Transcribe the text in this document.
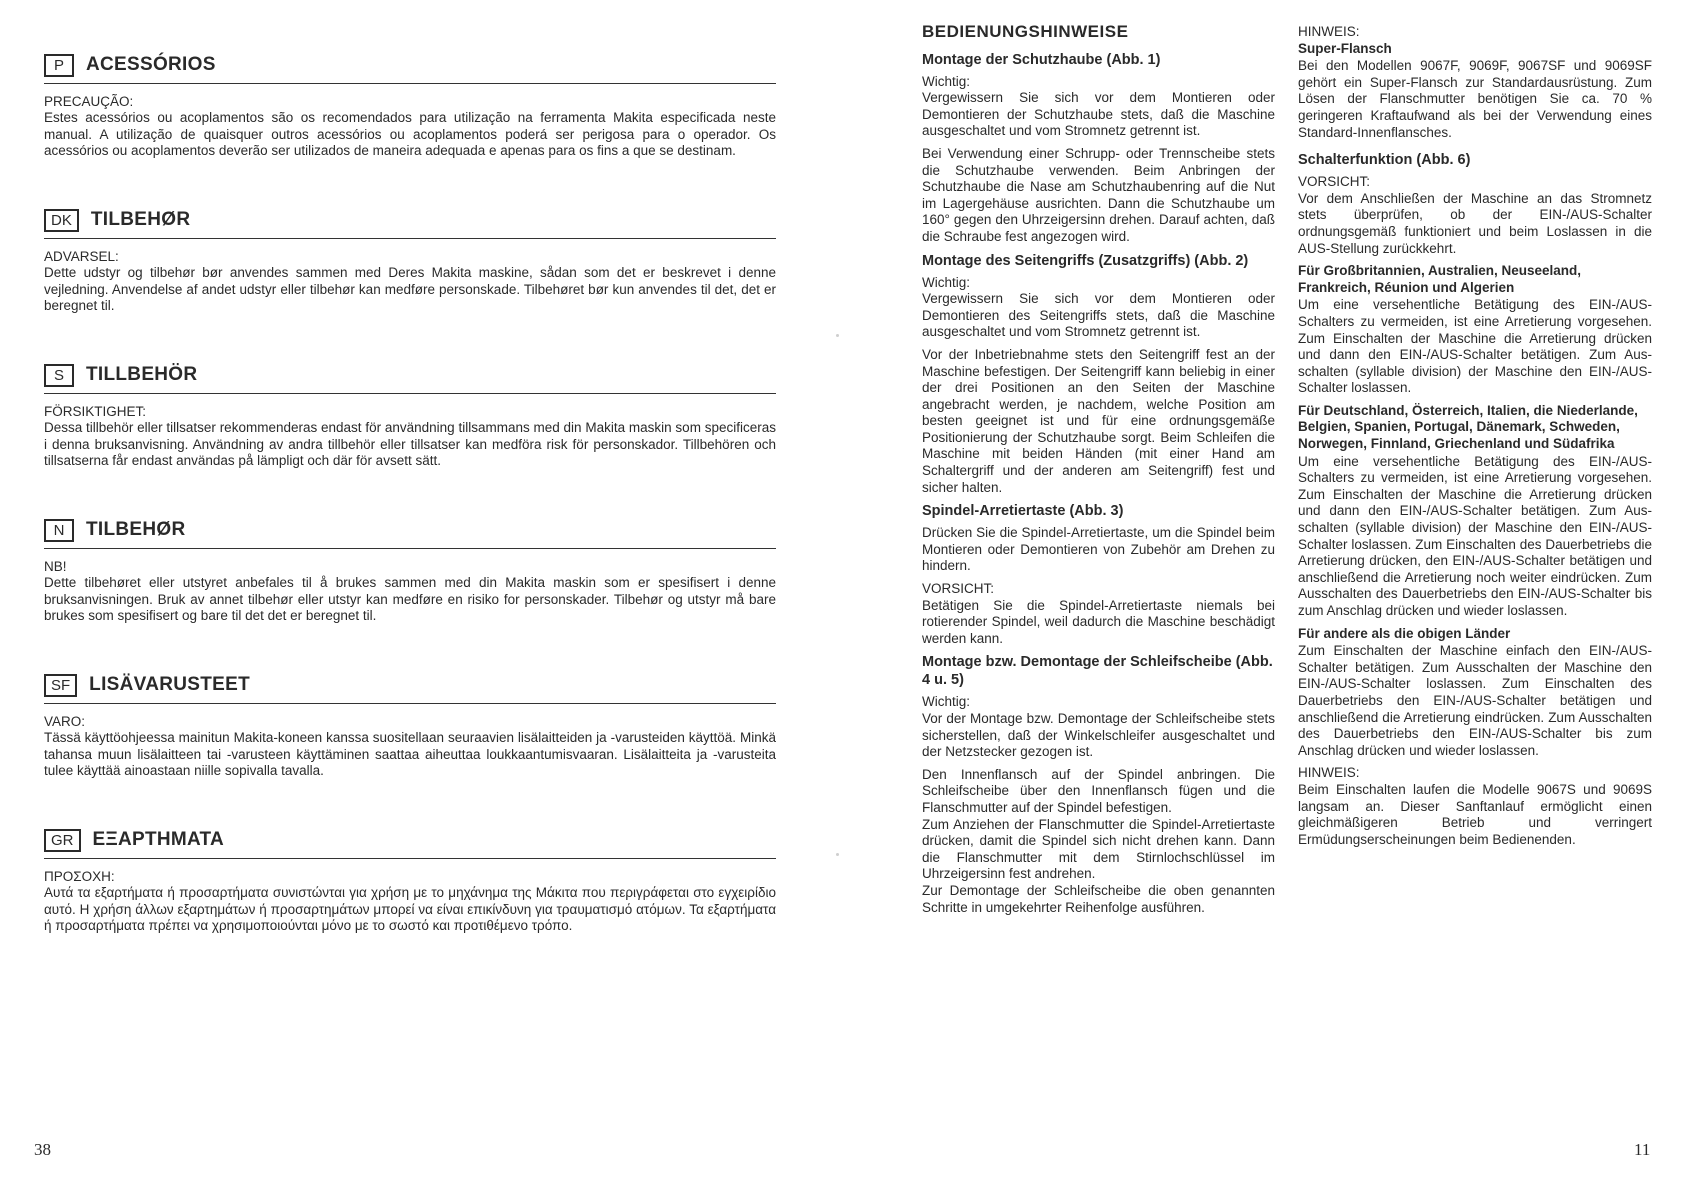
P	ACESSÓRIOS
PRECAUÇÃO:
Estes acessórios ou acoplamentos são os recomendados para utilização na ferramenta Makita especificada neste manual. A utilização de quaisquer outros acessórios ou acoplamentos poderá ser perigosa para o operador. Os acessórios ou acoplamentos deverão ser utilizados de maneira adequada e apenas para os fins a que se destinam.
DK	TILBEHØR
ADVARSEL:
Dette udstyr og tilbehør bør anvendes sammen med Deres Makita maskine, sådan som det er beskrevet i denne vejledning. Anvendelse af andet udstyr eller tilbehør kan medføre personskade. Tilbehøret bør kun anvendes til det, det er beregnet til.
S	TILLBEHÖR
FÖRSIKTIGHET:
Dessa tillbehör eller tillsatser rekommenderas endast för användning tillsammans med din Makita maskin som specificeras i denna bruksanvisning. Användning av andra tillbehör eller tillsatser kan medföra risk för personskador. Tillbehören och tillsatserna får endast användas på lämpligt och där för avsett sätt.
N	TILBEHØR
NB!
Dette tilbehøret eller utstyret anbefales til å brukes sammen med din Makita maskin som er spesifisert i denne bruksanvisningen. Bruk av annet tilbehør eller utstyr kan medføre en risiko for personskader. Tilbehør og utstyr må bare brukes som spesifisert og bare til det det er beregnet til.
SF	LISÄVARUSTEET
VARO:
Tässä käyttöohjeessa mainitun Makita-koneen kanssa suositellaan seuraavien lisälaitteiden ja -varusteiden käyttöä. Minkä tahansa muun lisälaitteen tai -varusteen käyttäminen saattaa aiheuttaa loukkaantumisvaaran. Lisälaitteita ja -varusteita tulee käyttää ainoastaan niille sopivalla tavalla.
GR	ΕΞΑΡΤΗΜΑΤΑ
ΠΡΟΣΟΧΗ:
Αυτά τα εξαρτήματα ή προσαρτήματα συνιστώνται για χρήση με το μηχάνημα της Μάκιτα που περιγράφεται στο εγχειρίδιο αυτό. Η χρήση άλλων εξαρτημάτων ή προσαρτημάτων μπορεί να είναι επικίνδυνη για τραυματισμό ατόμων. Τα εξαρτήματα ή προσαρτήματα πρέπει να χρησιμοποιούνται μόνο με το σωστό και προτιθέμενο τρόπο.
38
BEDIENUNGSHINWEISE
Montage der Schutzhaube (Abb. 1)
Wichtig:
Vergewissern Sie sich vor dem Montieren oder Demontieren der Schutzhaube stets, daß die Maschine ausgeschaltet und vom Stromnetz getrennt ist.
Bei Verwendung einer Schrupp- oder Trennscheibe stets die Schutzhaube verwenden. Beim Anbringen der Schutzhaube die Nase am Schutzhaubenring auf die Nut im Lagergehäuse ausrichten. Dann die Schutzhaube um 160° gegen den Uhrzeigersinn drehen. Darauf achten, daß die Schraube fest angezogen wird.
Montage des Seitengriffs (Zusatzgriffs) (Abb. 2)
Wichtig:
Vergewissern Sie sich vor dem Montieren oder Demontieren des Seitengriffs stets, daß die Maschine ausgeschaltet und vom Stromnetz getrennt ist.
Vor der Inbetriebnahme stets den Seitengriff fest an der Maschine befestigen. Der Seitengriff kann beliebig in einer der drei Positionen an den Seiten der Maschine angebracht werden, je nachdem, welche Position am besten geeignet ist und für eine ordnungsgemäße Positionierung der Schutzhaube sorgt. Beim Schleifen die Maschine mit beiden Händen (mit einer Hand am Schaltergriff und der anderen am Seitengriff) fest und sicher halten.
Spindel-Arretiertaste (Abb. 3)
Drücken Sie die Spindel-Arretiertaste, um die Spindel beim Montieren oder Demontieren von Zubehör am Drehen zu hindern.
VORSICHT:
Betätigen Sie die Spindel-Arretiertaste niemals bei rotierender Spindel, weil dadurch die Maschine beschädigt werden kann.
Montage bzw. Demontage der Schleifscheibe (Abb. 4 u. 5)
Wichtig:
Vor der Montage bzw. Demontage der Schleifscheibe stets sicherstellen, daß der Winkelschleifer ausgeschaltet und der Netzstecker gezogen ist.
Den Innenflansch auf der Spindel anbringen. Die Schleifscheibe über den Innenflansch fügen und die Flanschmutter auf der Spindel befestigen.
Zum Anziehen der Flanschmutter die Spindel-Arretiertaste drücken, damit die Spindel sich nicht drehen kann. Dann die Flanschmutter mit dem Stirnlochschlüssel im Uhrzeigersinn fest andrehen.
Zur Demontage der Schleifscheibe die oben genannten Schritte in umgekehrter Reihenfolge ausführen.
HINWEIS:
Super-Flansch
Bei den Modellen 9067F, 9069F, 9067SF und 9069SF gehört ein Super-Flansch zur Standardausrüstung. Zum Lösen der Flanschmutter benötigen Sie ca. 70 % geringeren Kraftaufwand als bei der Verwendung eines Standard-Innenflansches.
Schalterfunktion (Abb. 6)
VORSICHT:
Vor dem Anschließen der Maschine an das Stromnetz stets überprüfen, ob der EIN-/AUS-Schalter ordnungsgemäß funktioniert und beim Loslassen in die AUS-Stellung zurückkehrt.
Für Großbritannien, Australien, Neuseeland, Frankreich, Réunion und Algerien
Um eine versehentliche Betätigung des EIN-/AUS-Schalters zu vermeiden, ist eine Arretierung vorgesehen. Zum Einschalten der Maschine die Arretierung drücken und dann den EIN-/AUS-Schalter betätigen. Zum Aus-schalten (syllable division) der Maschine den EIN-/AUS-Schalter loslassen.
Für Deutschland, Österreich, Italien, die Niederlande, Belgien, Spanien, Portugal, Dänemark, Schweden, Norwegen, Finnland, Griechenland und Südafrika
Um eine versehentliche Betätigung des EIN-/AUS-Schalters zu vermeiden, ist eine Arretierung vorgesehen. Zum Einschalten der Maschine die Arretierung drücken und dann den EIN-/AUS-Schalter betätigen. Zum Aus-schalten (syllable division) der Maschine den EIN-/AUS-Schalter loslassen. Zum Einschalten des Dauerbetriebs die Arretierung drücken, den EIN-/AUS-Schalter betätigen und anschließend die Arretierung noch weiter eindrücken. Zum Ausschalten des Dauerbetriebs den EIN-/AUS-Schalter bis zum Anschlag drücken und wieder loslassen.
Für andere als die obigen Länder
Zum Einschalten der Maschine einfach den EIN-/AUS-Schalter betätigen. Zum Ausschalten der Maschine den EIN-/AUS-Schalter loslassen. Zum Einschalten des Dauerbetriebs den EIN-/AUS-Schalter betätigen und anschließend die Arretierung eindrücken. Zum Ausschalten des Dauerbetriebs den EIN-/AUS-Schalter bis zum Anschlag drücken und wieder loslassen.
HINWEIS:
Beim Einschalten laufen die Modelle 9067S und 9069S langsam an. Dieser Sanftanlauf ermöglicht einen gleichmäßigeren Betrieb und verringert Ermüdungserscheinungen beim Bedienenden.
11
